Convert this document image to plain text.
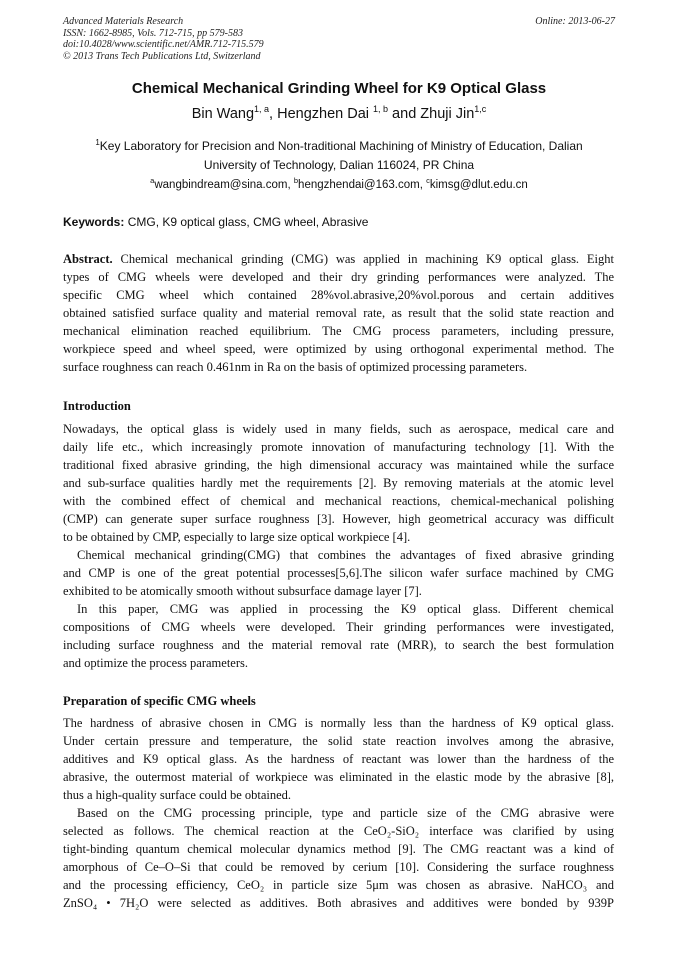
Advanced Materials Research
ISSN: 1662-8985, Vols. 712-715, pp 579-583
doi:10.4028/www.scientific.net/AMR.712-715.579
© 2013 Trans Tech Publications Ltd, Switzerland
Online: 2013-06-27
Chemical Mechanical Grinding Wheel for K9 Optical Glass
Bin Wang$^{1, a}$, Hengzhen Dai $^{1, b}$ and Zhuji Jin$^{1,c}$
$^1$Key Laboratory for Precision and Non-traditional Machining of Ministry of Education, Dalian
University of Technology, Dalian 116024, PR China
$^a$wangbindream@sina.com, $^b$hengzhendai@163.com, $^c$kimsg@dlut.edu.cn
Keywords: CMG, K9 optical glass, CMG wheel, Abrasive
Abstract. Chemical mechanical grinding (CMG) was applied in machining K9 optical glass. Eight
types of CMG wheels were developed and their dry grinding performances were analyzed. The
specific CMG wheel which contained 28%vol.abrasive,20%vol.porous and certain additives
obtained satisfied surface quality and material removal rate, as result that the solid state reaction and
mechanical elimination reached equilibrium. The CMG process parameters, including pressure,
workpiece speed and wheel speed, were optimized by using orthogonal experimental method. The
surface roughness can reach 0.461nm in Ra on the basis of optimized processing parameters.
Introduction
Nowadays, the optical glass is widely used in many fields, such as aerospace, medical care and
daily life etc., which increasingly promote innovation of manufacturing technology [1]. With the
traditional fixed abrasive grinding, the high dimensional accuracy was maintained while the surface
and sub-surface qualities hardly met the requirements [2]. By removing materials at the atomic level
with the combined effect of chemical and mechanical reactions, chemical-mechanical polishing
(CMP) can generate super surface roughness [3]. However, high geometrical accuracy was difficult
to be obtained by CMP, especially to large size optical workpiece [4].
Chemical mechanical grinding(CMG) that combines the advantages of fixed abrasive grinding
and CMP is one of the great potential processes[5,6].The silicon wafer surface machined by CMG
exhibited to be atomically smooth without subsurface damage layer [7].
In this paper, CMG was applied in processing the K9 optical glass. Different chemical
compositions of CMG wheels were developed. Their grinding performances were investigated,
including surface roughness and the material removal rate (MRR), to search the best formulation
and optimize the process parameters.
Preparation of specific CMG wheels
The hardness of abrasive chosen in CMG is normally less than the hardness of K9 optical glass.
Under certain pressure and temperature, the solid state reaction involves among the abrasive,
additives and K9 optical glass. As the hardness of reactant was lower than the hardness of the
abrasive, the outermost material of workpiece was eliminated in the elastic mode by the abrasive [8],
thus a high-quality surface could be obtained.
Based on the CMG processing principle, type and particle size of the CMG abrasive were
selected as follows. The chemical reaction at the CeO₂-SiO₂ interface was clarified by using
tight-binding quantum chemical molecular dynamics method [9]. The CMG reactant was a kind of
amorphous of Ce–O–Si that could be removed by cerium [10]. Considering the surface roughness
and the processing efficiency, CeO₂ in particle size 5μm was chosen as abrasive. NaHCO₃ and
ZnSO₄ • 7H₂O were selected as additives. Both abrasives and additives were bonded by 939P
